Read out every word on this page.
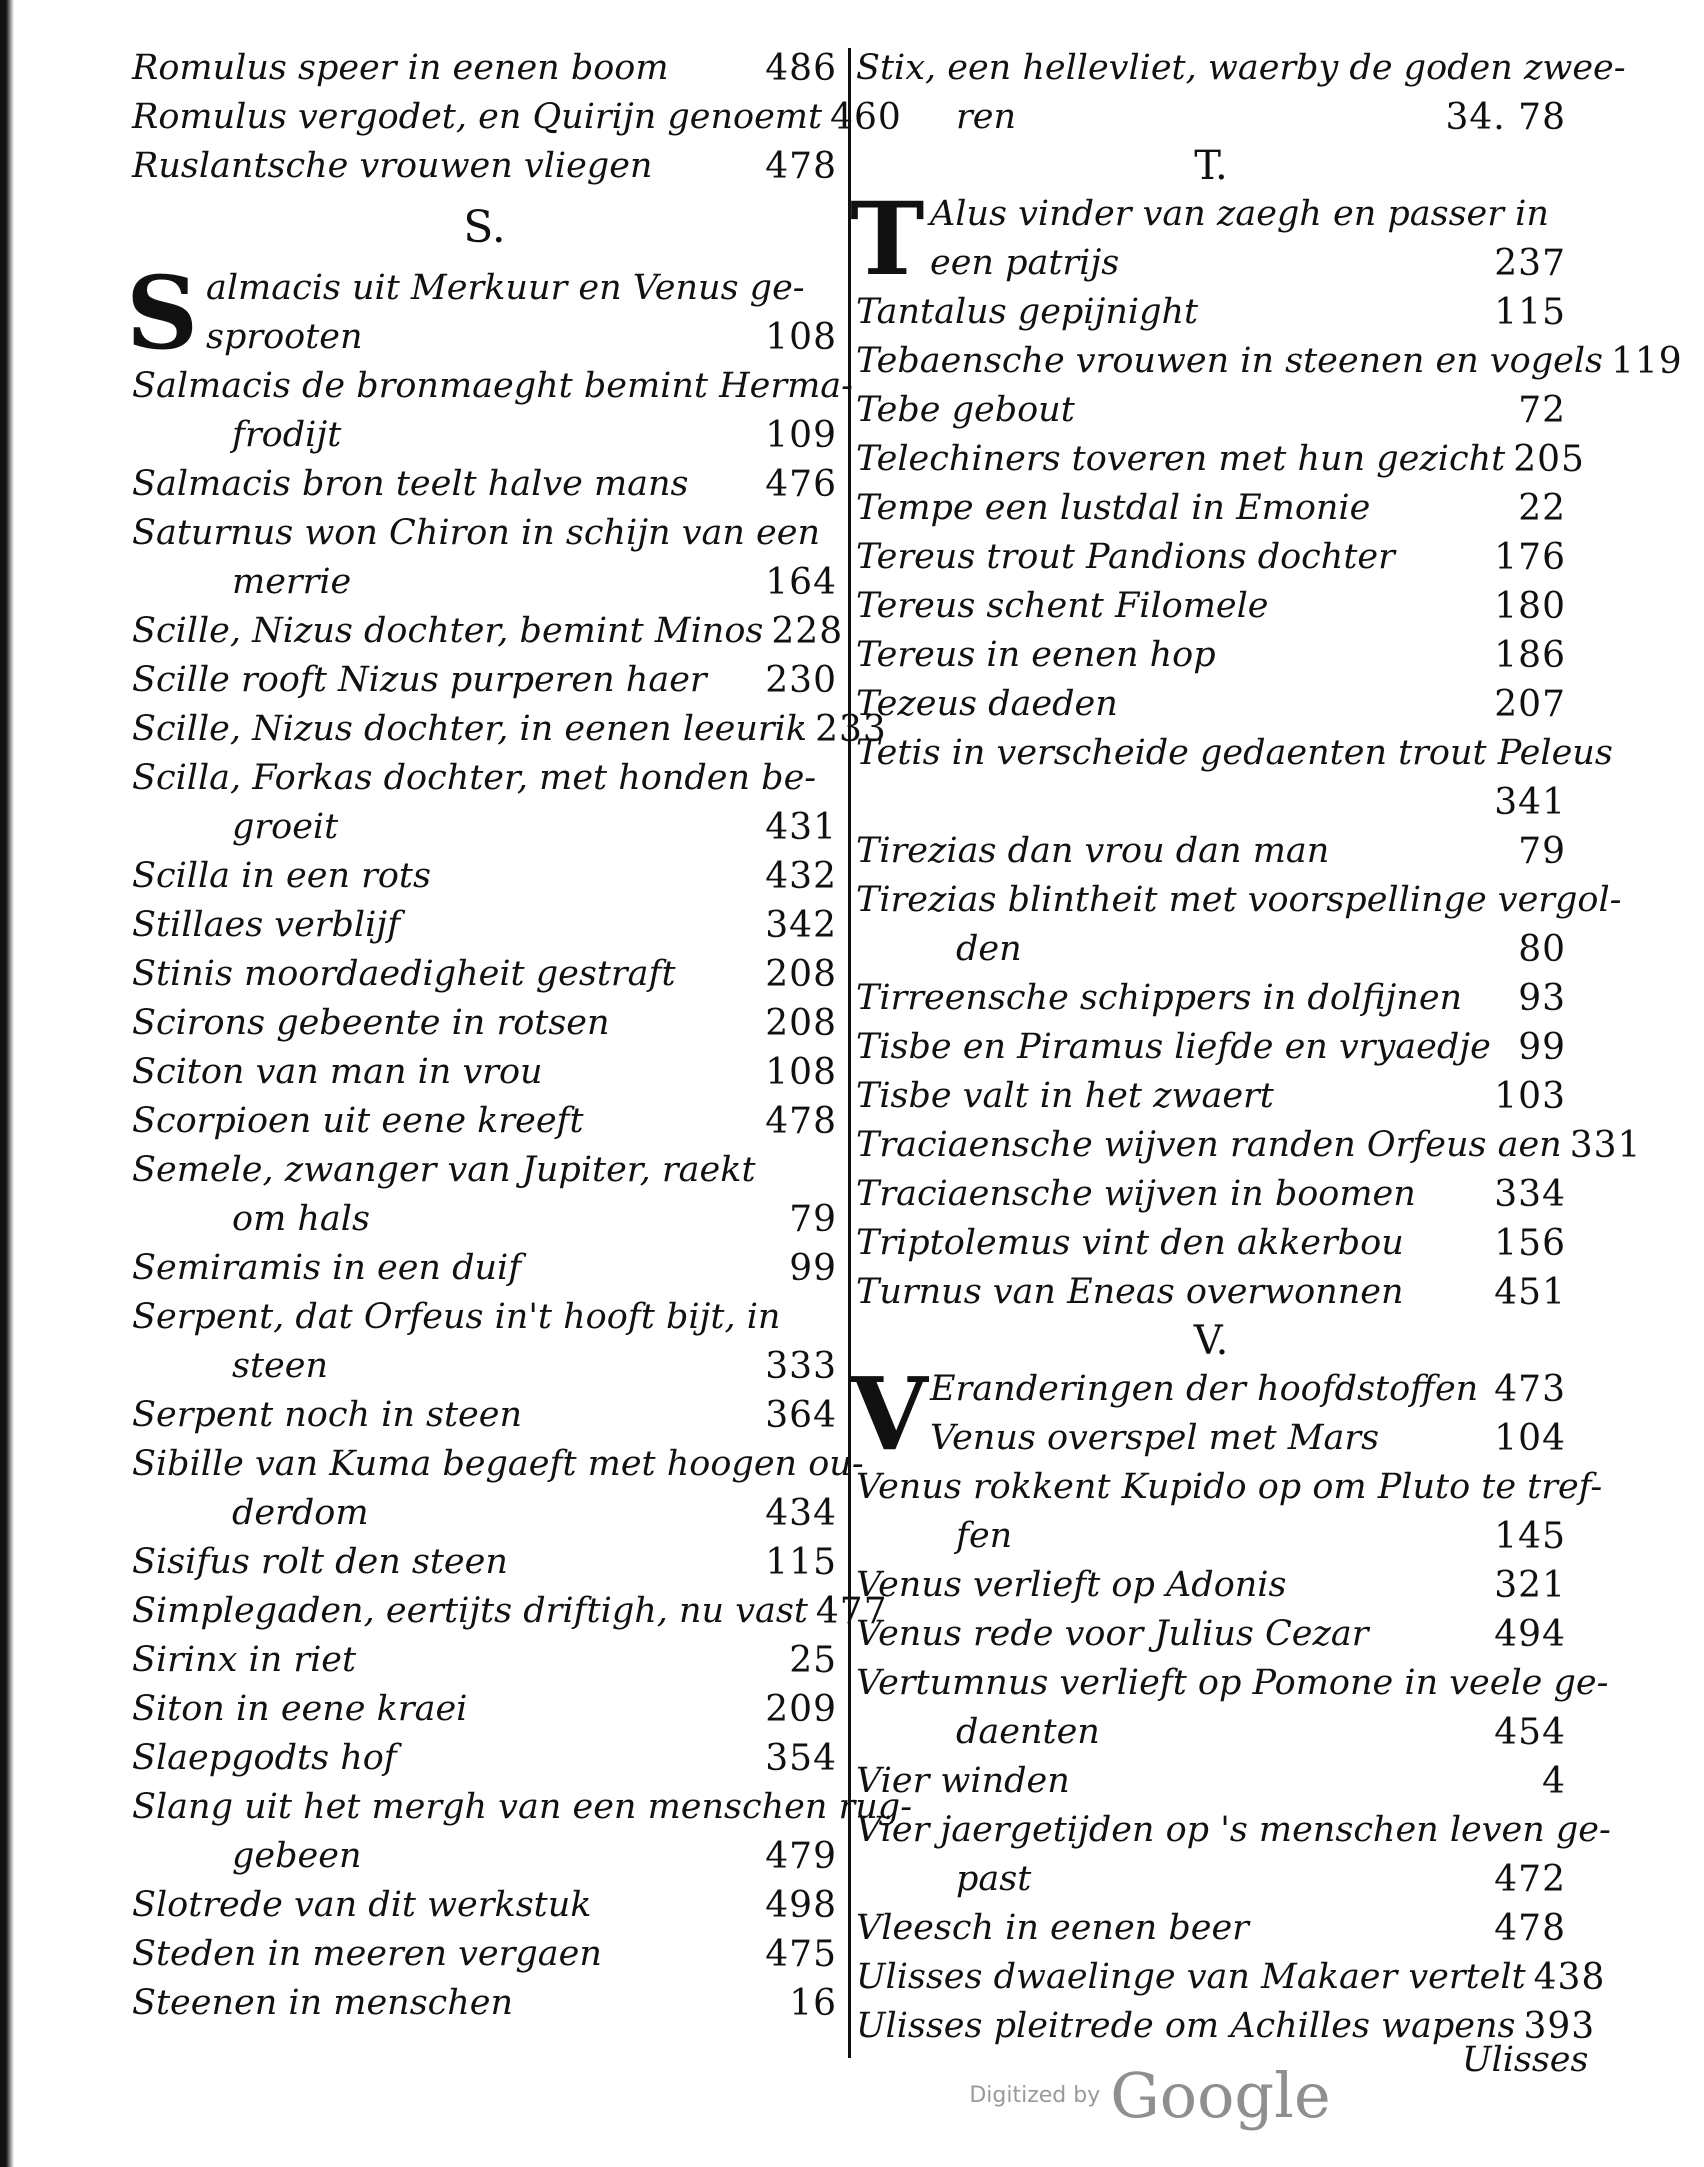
Romulus speer in eenen boom	486
Romulus vergodet, en Quirijn genoemt 460
Ruslantsche vrouwen vliegen	478
S.
S almacis uit Merkuur en Venus ge-
sprooten	108
Salmacis de bronmaeght bemint Herma-
frodijt	109
Salmacis bron teelt halve mans	476
Saturnus won Chiron in schijn van een
merrie	164
Scille, Nizus dochter, bemint Minos 228
Scille rooft Nizus purperen haer	230
Scille, Nizus dochter, in eenen leeurik 233
Scilla, Forkas dochter, met honden be-
groeit	431
Scilla in een rots	432
Stillaes verblijf	342
Stinis moordaedigheit gestraft	208
Scirons gebeente in rotsen	208
Sciton van man in vrou	108
Scorpioen uit eene kreeft	478
Semele, zwanger van Jupiter, raekt
om hals	79
Semiramis in een duif	99
Serpent, dat Orfeus in't hooft bijt, in
steen	333
Serpent noch in steen	364
Sibille van Kuma begaeft met hoogen ou-
derdom	434
Sisifus rolt den steen	115
Simplegaden, eertijts driftigh, nu vast 477
Sirinx in riet	25
Siton in eene kraei	209
Slaepgodts hof	354
Slang uit het mergh van een menschen rug-
gebeen	479
Slotrede van dit werkstuk	498
Steden in meeren vergaen	475
Steenen in menschen	16
Stix, een hellevliet, waerby de goden zwee-
ren	34. 78
T.
T Alus vinder van zaegh en passer in
een patrijs	237
Tantalus gepijnight	115
Tebaensche vrouwen in steenen en vogels 119
Tebe gebout	72
Telechiners toveren met hun gezicht 205
Tempe een lustdal in Emonie	22
Tereus trout Pandions dochter	176
Tereus schent Filomele	180
Tereus in eenen hop	186
Tezeus daeden	207
Tetis in verscheide gedaenten trout Peleus
341
Tirezias dan vrou dan man	79
Tirezias blintheit met voorspellinge vergol-
den	80
Tirreensche schippers in dolfijnen	93
Tisbe en Piramus liefde en vryaedje 99
Tisbe valt in het zwaert	103
Traciaensche wijven randen Orfeus aen 331
Traciaensche wijven in boomen	334
Triptolemus vint den akkerbou	156
Turnus van Eneas overwonnen	451
V.
V Eranderingen der hoofdstoffen 473
Venus overspel met Mars	104
Venus rokkent Kupido op om Pluto te tref-
fen	145
Venus verlieft op Adonis	321
Venus rede voor Julius Cezar	494
Vertumnus verlieft op Pomone in veele ge-
daenten	454
Vier winden	4
Vier jaergetijden op 's menschen leven ge-
past	472
Vleesch in eenen beer	478
Ulisses dwaelinge van Makaer vertelt 438
Ulisses pleitrede om Achilles wapens 393
Ulisses
Digitized by Google
